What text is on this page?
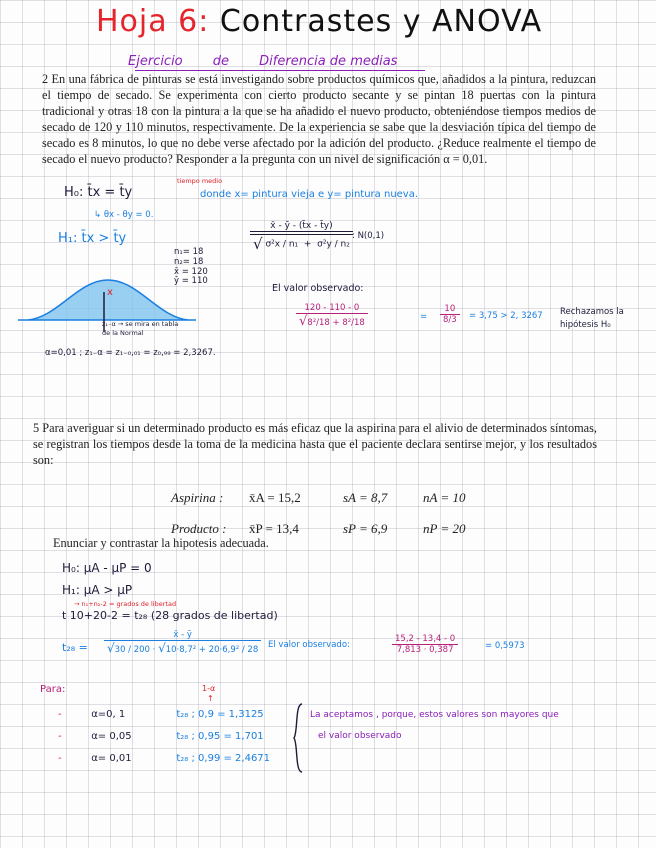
Hoja 6: Contrastes y ANOVA
Ejercicio de Diferencia de medias
2 En una fábrica de pinturas se está investigando sobre productos químicos que, añadidos a la pintura, reduzcan el tiempo de secado. Se experimenta con cierto producto secante y se pintan 18 puertas con la pintura tradicional y otras 18 con la pintura a la que se ha añadido el nuevo producto, obteniéndose tiempos medios de secado de 120 y 110 minutos, respectivamente. De la experiencia se sabe que la desviación típica del tiempo de secado es 8 minutos, lo que no debe verse afectado por la adición del producto. ¿Reduce realmente el tiempo de secado el nuevo producto? Responder a la pregunta con un nivel de significación α = 0,01.
H₀: t̄x = t̄y
tiempo medio
donde x= pintura vieja e y= pintura nueva.
↳ θx - θy = 0.
H₁: t̄x > t̄y	$\frac{x̄ - ȳ - (t̄x - t̄y)}{\text{√ σ²x / n₁  +  σ²y / n₂}}$ : N(0,1)
n₁= 18
n₂= 18
x̄ = 120
ȳ = 110
x
z₁₋α → se mira en tabla de la Normal
El valor observado:
$\frac{120 - 110 - 0}{\text{√8²/18 + 8²/18}}$	= $\frac{10}{8/3} = 3,75 > 2$, 3267 Rechazamos la hipótesis H₀
α=0,01 ; z₁₋α = z₁₋₀,₀₁ = z₀,₉₉ = 2,3267.
5 Para averiguar si un determinado producto es más eficaz que la aspirina para el alivio de determinados síntomas, se registran los tiempos desde la toma de la medicina hasta que el paciente declara sentirse mejor, y los resultados son:
Aspirina :	x̄A = 15,2	sA = 8,7	nA = 10
Producto :	x̄P = 13,4	sP = 6,9	nP = 20
Enunciar y contrastar la hipotesis adecuada.
H₀: μA - μP = 0
H₁: μA > μP
→ n₁+n₂-2 = grados de libertad
t 10+20-2 = t₂₈ (28 grados de libertad)
$t_{28} = \frac{x̄ - ȳ}{\text{√30 / 200 · √10·8,7² + 20·6,9² / 28}}$ El valor observado:	$\frac{15,2 - 13,4 - 0}{7,813 \cdot 0,387}$	= 0,5973
Para:	1-α
↑
-	α=0, 1	t₂₈ ; 0,9 = 1,3125
-	α= 0,05	t₂₈ ; 0,95 = 1,701
-	α= 0,01	t₂₈ ; 0,99 = 2,4671
La aceptamos , porque, estos valores son mayores que
el valor observado
